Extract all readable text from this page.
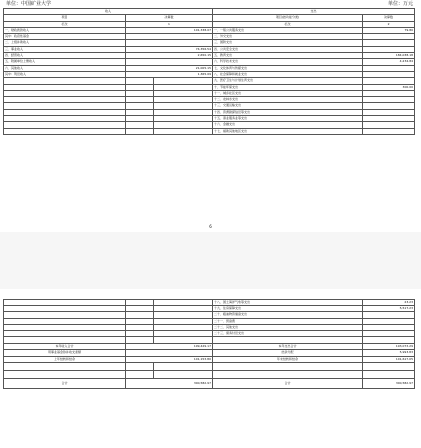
单位：中国矿业大学	单位：万元
收入			支出	
项目	决算数		项目(按功能分类)	决算数
栏次	1		栏次	2
一、财政拨款收入	101,338.07		一、一般公共服务支出	79.80
其中：政府性基金			二、外交支出	
二、上级补助收入			三、国防支出	
三、事业收入	74,356.54		四、公共安全支出	
四、经营收入	2,650.15		五、教育支出	184,038.18
五、附属单位上缴收入			六、科学技术支出	4,234.84
六、其他收入	21,005.15		七、文化体育与传媒支出	
其中：利息收入	1,365.09		八、社会保障和就业支出	
			九、医疗卫生与计划生育支出	
			十、节能环保支出	300.00
			十一、城乡社区支出	
			十二、农林水支出	
			十三、交通运输支出	
			十四、资源勘探信息等支出	
			十五、商业服务业等支出	
			十六、金融支出	
			十七、援助其他地区支出	
6
			十八、国土海洋气象等支出	23.23
			十九、住房保障支出	5,517.23
			二十、粮油物资储备支出	
			二十一、预备费	
			二十二、其他支出	
			二十三、债务付息支出	

本年收入合计	199,429.17		本年支出合计	193,073.29
用事业基金弥补收支差额			结余分配	5,993.83
上年结转和结余	101,153.80		年末结转和结余	101,617.05

合计	300,582.97		合计	300,582.97
